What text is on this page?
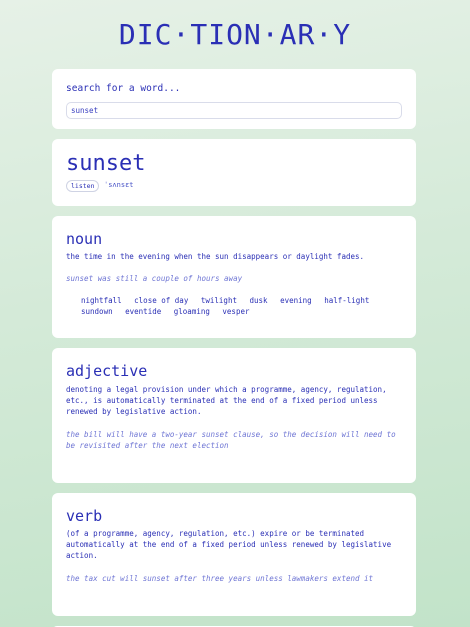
DIC·TION·AR·Y
search for a word...
sunset
sunset
listen	ˈsʌnsɛt
noun
the time in the evening when the sun disappears or daylight fades.
sunset was still a couple of hours away
nightfall close of day twilight dusk evening half-light sundown eventide gloaming vesper
adjective
denoting a legal provision under which a programme, agency, regulation, etc., is automatically terminated at the end of a fixed period unless renewed by legislative action.
the bill will have a two-year sunset clause, so the decision will need to be revisited after the next election
verb
(of a programme, agency, regulation, etc.) expire or be terminated automatically at the end of a fixed period unless renewed by legislative action.
the tax cut will sunset after three years unless lawmakers extend it
